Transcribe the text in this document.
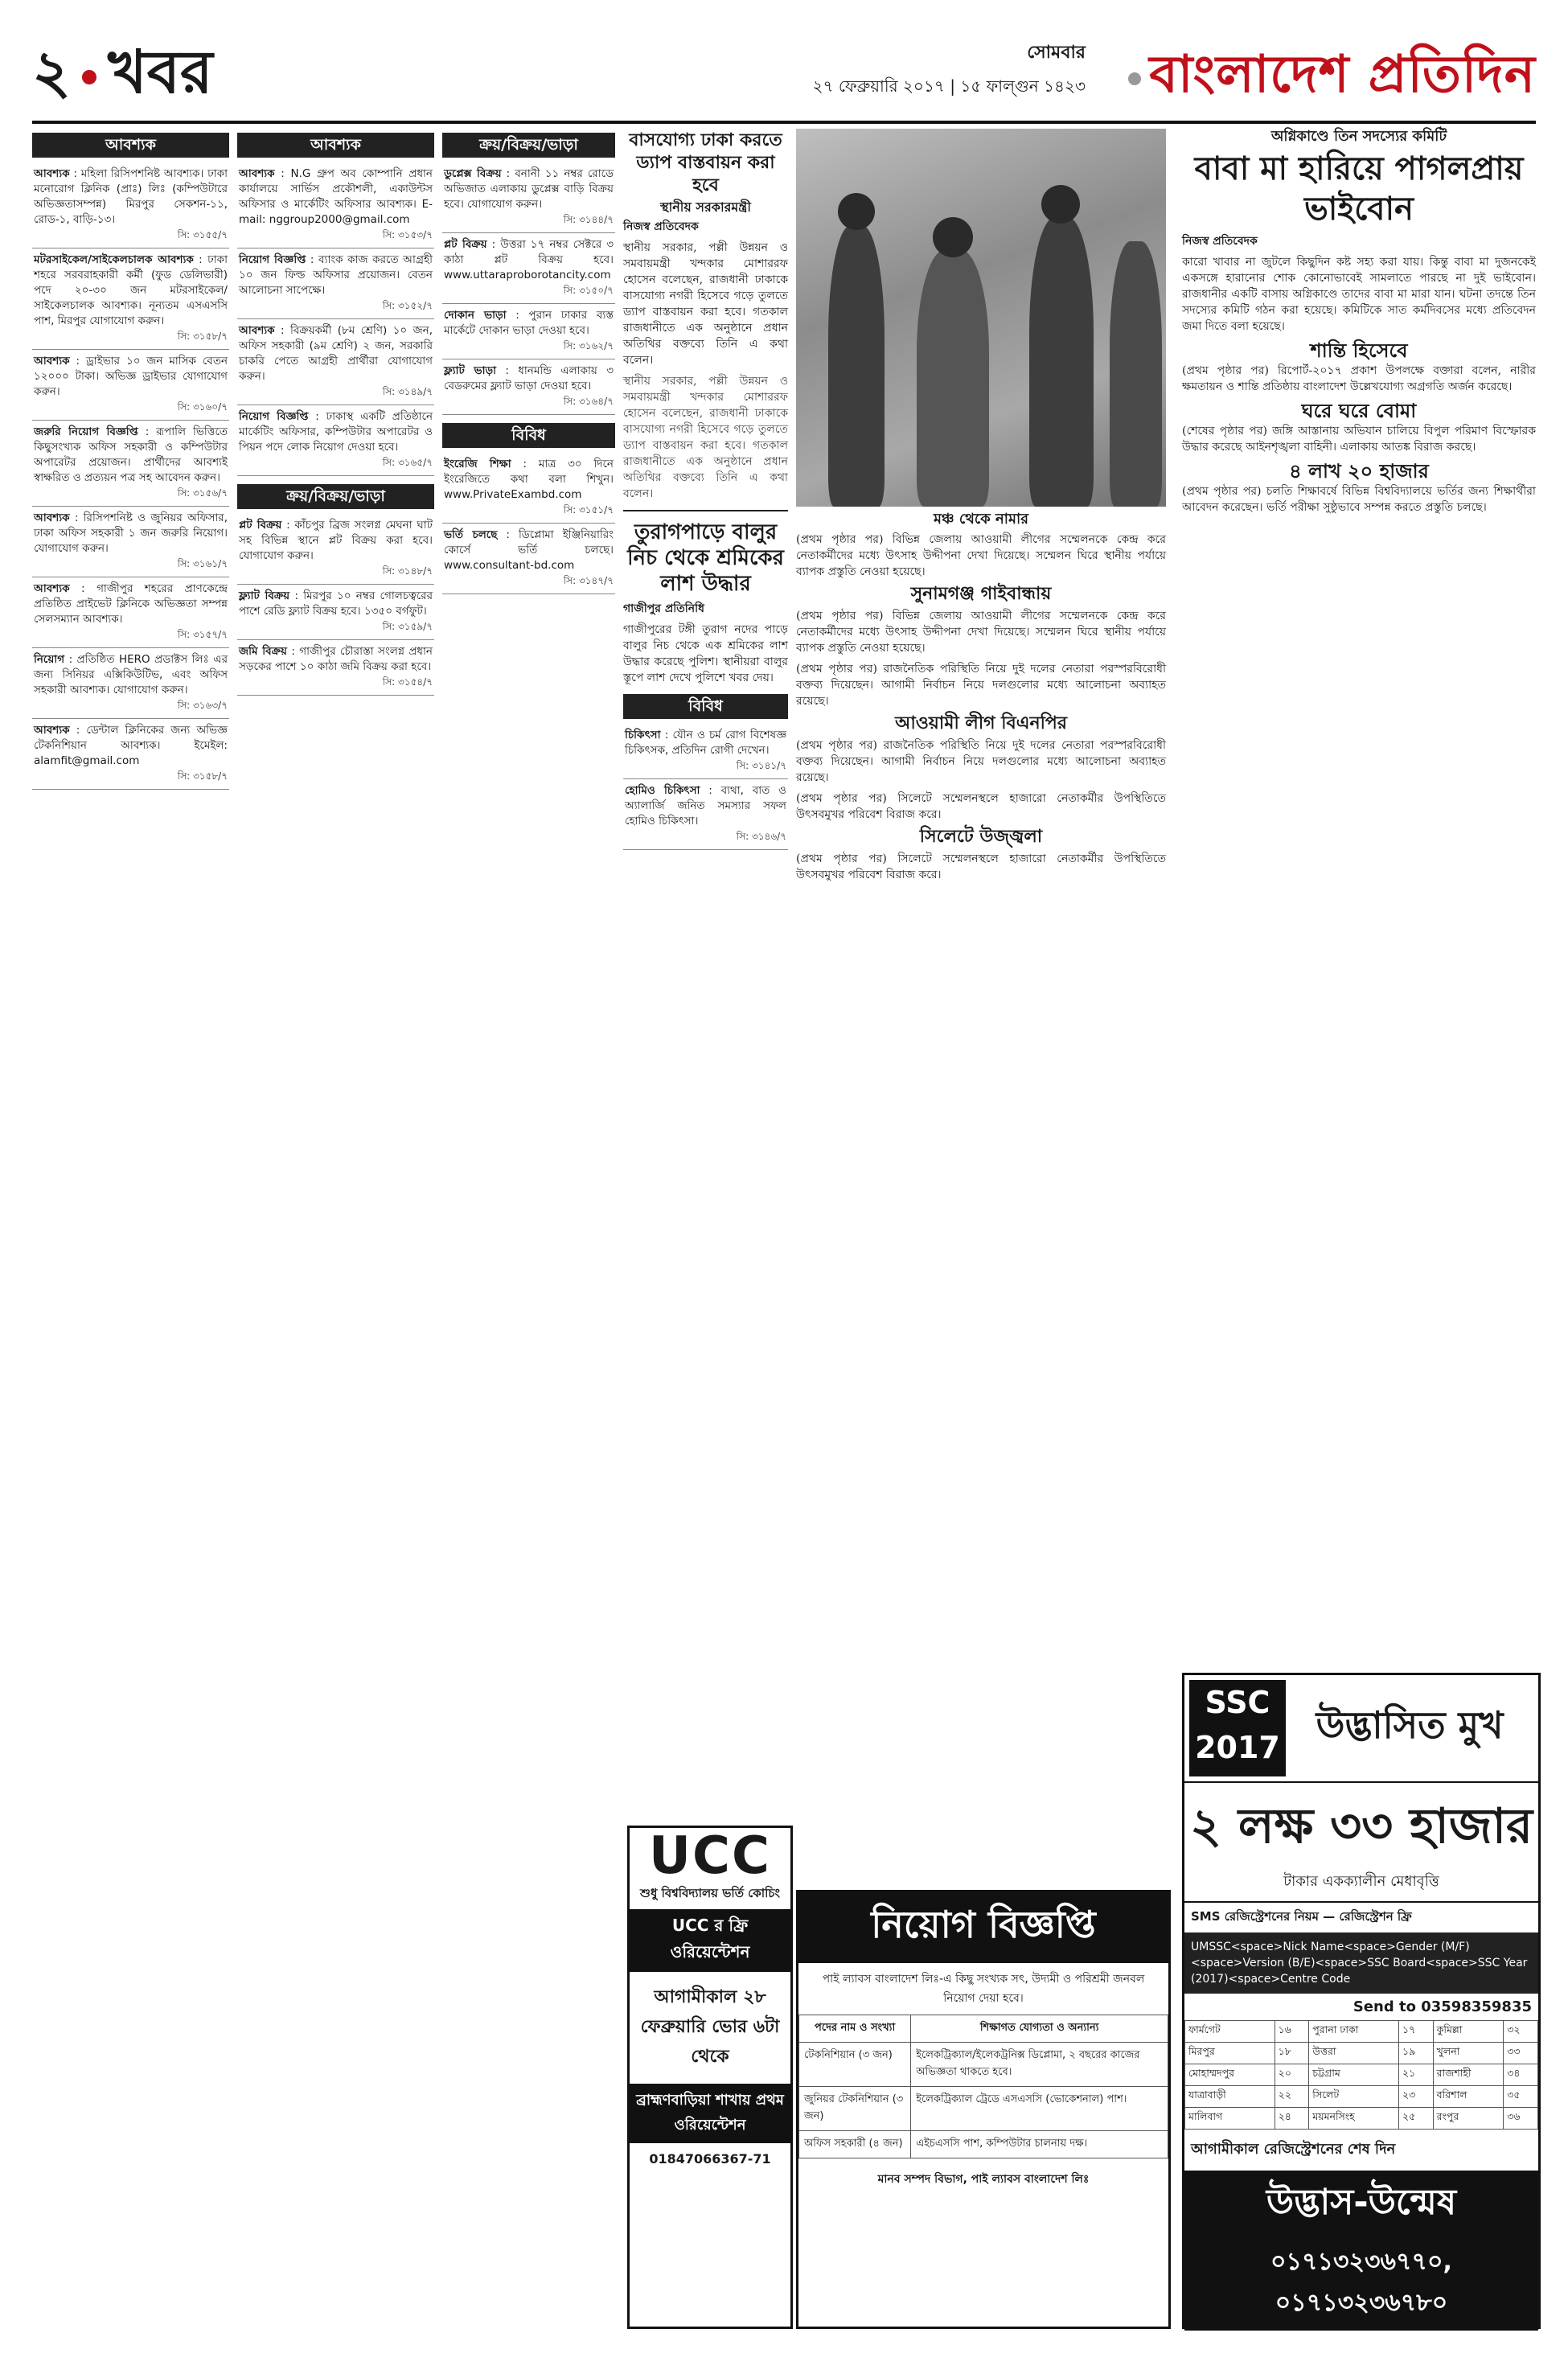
২ খবর	সোমবার
২৭ ফেব্রুয়ারি ২০১৭ | ১৫ ফাল্গুন ১৪২৩	বাংলাদেশ প্রতিদিন
আবশ্যক
আবশ্যক : মহিলা রিসিপশনিষ্ট আবশ্যক। ঢাকা মনোরোগ ক্লিনিক (প্রাঃ) লিঃ (কম্পিউটারে অভিজ্ঞতাসম্পন্ন) মিরপুর সেকশন-১১, রোড-১, বাড়ি-১৩।
সি: ৩১৫৫/৭
মটরসাইকেল/সাইকেলচালক আবশ্যক : ঢাকা শহরে সরবরাহকারী কর্মী (ফুড ডেলিভারী) পদে ২০-৩০ জন মটরসাইকেল/সাইকেলচালক আবশ্যক। নূন্যতম এসএসসি পাশ, মিরপুর যোগাযোগ করুন।
সি: ৩১৫৮/৭
আবশ্যক : ড্রাইভার ১০ জন মাসিক বেতন ১২০০০ টাকা। অভিজ্ঞ ড্রাইভার যোগাযোগ করুন।
সি: ৩১৬০/৭
জরুরি নিয়োগ বিজ্ঞপ্তি : রূপালি ভিত্তিতে কিছুসংখ্যক অফিস সহকারী ও কম্পিউটার অপারেটর প্রয়োজন। প্রার্থীদের আবশ্যই স্বাক্ষরিত ও প্রত্যয়ন পত্র সহ আবেদন করুন।
সি: ৩১৫৬/৭
আবশ্যক : রিসিপশনিষ্ট ও জুনিয়র অফিসার, ঢাকা অফিস সহকারী ১ জন জরুরি নিয়োগ। যোগাযোগ করুন।
সি: ৩১৬১/৭
আবশ্যক : গাজীপুর শহরের প্রাণকেন্দ্রে প্রতিষ্ঠিত প্রাইভেট ক্লিনিকে অভিজ্ঞতা সম্পন্ন সেলসম্যান আবশ্যক।
সি: ৩১৫৭/৭
নিয়োগ : প্রতিষ্ঠিত HERO প্রডাক্টস লিঃ এর জন্য সিনিয়র এক্সিকিউটিভ, এবং অফিস সহকারী আবশ্যক। যোগাযোগ করুন।
সি: ৩১৬৩/৭
আবশ্যক : ডেন্টাল ক্লিনিকের জন্য অভিজ্ঞ টেকনিশিয়ান আবশ্যক। ইমেইল: alamfit@gmail.com
সি: ৩১৫৮/৭
আবশ্যক
আবশ্যক : N.G গ্রুপ অব কোম্পানি প্রধান কার্যালয়ে সার্ভিস প্রকৌশলী, একাউন্টস অফিসার ও মার্কেটিং অফিসার আবশ্যক। E-mail: nggroup2000@gmail.com
সি: ৩১৫৩/৭
নিয়োগ বিজ্ঞপ্তি : ব্যাংক কাজ করতে আগ্রহী ১০ জন ফিল্ড অফিসার প্রয়োজন। বেতন আলোচনা সাপেক্ষে।
সি: ৩১৫২/৭
আবশ্যক : বিক্রয়কর্মী (৮ম শ্রেণি) ১০ জন, অফিস সহকারী (৯ম শ্রেণি) ২ জন, সরকারি চাকরি পেতে আগ্রহী প্রার্থীরা যোগাযোগ করুন।
সি: ৩১৪৯/৭
নিয়োগ বিজ্ঞপ্তি : ঢাকাস্থ একটি প্রতিষ্ঠানে মার্কেটিং অফিসার, কম্পিউটার অপারেটর ও পিয়ন পদে লোক নিয়োগ দেওয়া হবে।
সি: ৩১৬৫/৭
ক্রয়/বিক্রয়/ভাড়া
প্লট বিক্রয় : কাঁচপুর ব্রিজ সংলগ্ন মেঘনা ঘাট সহ বিভিন্ন স্থানে প্লট বিক্রয় করা হবে। যোগাযোগ করুন।
সি: ৩১৪৮/৭
ফ্ল্যাট বিক্রয় : মিরপুর ১০ নম্বর গোলচত্বরের পাশে রেডি ফ্ল্যাট বিক্রয় হবে। ১৩৫০ বর্গফুট।
সি: ৩১৫৯/৭
জমি বিক্রয় : গাজীপুর চৌরাস্তা সংলগ্ন প্রধান সড়কের পাশে ১০ কাঠা জমি বিক্রয় করা হবে।
সি: ৩১৫৪/৭
ক্রয়/বিক্রয়/ভাড়া
ডুপ্লেক্স বিক্রয় : বনানী ১১ নম্বর রোডে অভিজাত এলাকায় ডুপ্লেক্স বাড়ি বিক্রয় হবে। যোগাযোগ করুন।
সি: ৩১৪৪/৭
প্লট বিক্রয় : উত্তরা ১৭ নম্বর সেক্টরে ৩ কাঠা প্লট বিক্রয় হবে। www.uttaraproborotancity.com
সি: ৩১৫০/৭
দোকান ভাড়া : পুরান ঢাকার ব্যস্ত মার্কেটে দোকান ভাড়া দেওয়া হবে।
সি: ৩১৬২/৭
ফ্ল্যাট ভাড়া : ধানমন্ডি এলাকায় ৩ বেডরুমের ফ্ল্যাট ভাড়া দেওয়া হবে।
সি: ৩১৬৪/৭
বিবিধ
ইংরেজি শিক্ষা : মাত্র ৩০ দিনে ইংরেজিতে কথা বলা শিখুন। www.PrivateExambd.com
সি: ৩১৫১/৭
ভর্তি চলছে : ডিপ্লোমা ইঞ্জিনিয়ারিং কোর্সে ভর্তি চলছে। www.consultant-bd.com
সি: ৩১৪৭/৭
বাসযোগ্য ঢাকা করতে ড্যাপ বাস্তবায়ন করা হবে
স্থানীয় সরকারমন্ত্রী
নিজস্ব প্রতিবেদক

স্থানীয় সরকার, পল্লী উন্নয়ন ও সমবায়মন্ত্রী খন্দকার মোশাররফ হোসেন বলেছেন, রাজধানী ঢাকাকে বাসযোগ্য নগরী হিসেবে গড়ে তুলতে ড্যাপ বাস্তবায়ন করা হবে। গতকাল রাজধানীতে এক অনুষ্ঠানে প্রধান অতিথির বক্তব্যে তিনি এ কথা বলেন।

স্থানীয় সরকার, পল্লী উন্নয়ন ও সমবায়মন্ত্রী খন্দকার মোশাররফ হোসেন বলেছেন, রাজধানী ঢাকাকে বাসযোগ্য নগরী হিসেবে গড়ে তুলতে ড্যাপ বাস্তবায়ন করা হবে। গতকাল রাজধানীতে এক অনুষ্ঠানে প্রধান অতিথির বক্তব্যে তিনি এ কথা বলেন।

তুরাগপাড়ে বালুর নিচ থেকে শ্রমিকের লাশ উদ্ধার
গাজীপুর প্রতিনিধি

গাজীপুরের টঙ্গী তুরাগ নদের পাড়ে বালুর নিচ থেকে এক শ্রমিকের লাশ উদ্ধার করেছে পুলিশ। স্থানীয়রা বালুর স্তূপে লাশ দেখে পুলিশে খবর দেয়।

বিবিধ
চিকিৎসা : যৌন ও চর্ম রোগ বিশেষজ্ঞ চিকিৎসক, প্রতিদিন রোগী দেখেন।
সি: ৩১৪১/৭
হোমিও চিকিৎসা : ব্যথা, বাত ও অ্যালার্জি জনিত সমস্যার সফল হোমিও চিকিৎসা।
সি: ৩১৪৬/৭
মঞ্চ থেকে নামার

(প্রথম পৃষ্ঠার পর) বিভিন্ন জেলায় আওয়ামী লীগের সম্মেলনকে কেন্দ্র করে নেতাকর্মীদের মধ্যে উৎসাহ উদ্দীপনা দেখা দিয়েছে। সম্মেলন ঘিরে স্থানীয় পর্যায়ে ব্যাপক প্রস্তুতি নেওয়া হয়েছে।

সুনামগঞ্জ গাইবান্ধায়

(প্রথম পৃষ্ঠার পর) বিভিন্ন জেলায় আওয়ামী লীগের সম্মেলনকে কেন্দ্র করে নেতাকর্মীদের মধ্যে উৎসাহ উদ্দীপনা দেখা দিয়েছে। সম্মেলন ঘিরে স্থানীয় পর্যায়ে ব্যাপক প্রস্তুতি নেওয়া হয়েছে।

(প্রথম পৃষ্ঠার পর) রাজনৈতিক পরিস্থিতি নিয়ে দুই দলের নেতারা পরস্পরবিরোধী বক্তব্য দিয়েছেন। আগামী নির্বাচন নিয়ে দলগুলোর মধ্যে আলোচনা অব্যাহত রয়েছে।

আওয়ামী লীগ বিএনপির

(প্রথম পৃষ্ঠার পর) রাজনৈতিক পরিস্থিতি নিয়ে দুই দলের নেতারা পরস্পরবিরোধী বক্তব্য দিয়েছেন। আগামী নির্বাচন নিয়ে দলগুলোর মধ্যে আলোচনা অব্যাহত রয়েছে।

(প্রথম পৃষ্ঠার পর) সিলেটে সম্মেলনস্থলে হাজারো নেতাকর্মীর উপস্থিতিতে উৎসবমুখর পরিবেশ বিরাজ করে।

সিলেটে উজ্জ্বলা

(প্রথম পৃষ্ঠার পর) সিলেটে সম্মেলনস্থলে হাজারো নেতাকর্মীর উপস্থিতিতে উৎসবমুখর পরিবেশ বিরাজ করে।

অগ্নিকাণ্ডে তিন সদস্যের কমিটি
বাবা মা হারিয়ে পাগলপ্রায় ভাইবোন
নিজস্ব প্রতিবেদক

কারো খাবার না জুটলে কিছুদিন কষ্ট সহ্য করা যায়। কিন্তু বাবা মা দুজনকেই একসঙ্গে হারানোর শোক কোনোভাবেই সামলাতে পারছে না দুই ভাইবোন। রাজধানীর একটি বাসায় অগ্নিকাণ্ডে তাদের বাবা মা মারা যান। ঘটনা তদন্তে তিন সদস্যের কমিটি গঠন করা হয়েছে। কমিটিকে সাত কর্মদিবসের মধ্যে প্রতিবেদন জমা দিতে বলা হয়েছে।

শান্তি হিসেবে

(প্রথম পৃষ্ঠার পর) রিপোর্ট-২০১৭ প্রকাশ উপলক্ষে বক্তারা বলেন, নারীর ক্ষমতায়ন ও শান্তি প্রতিষ্ঠায় বাংলাদেশ উল্লেখযোগ্য অগ্রগতি অর্জন করেছে।

ঘরে ঘরে বোমা

(শেষের পৃষ্ঠার পর) জঙ্গি আস্তানায় অভিযান চালিয়ে বিপুল পরিমাণ বিস্ফোরক উদ্ধার করেছে আইনশৃঙ্খলা বাহিনী। এলাকায় আতঙ্ক বিরাজ করছে।

৪ লাখ ২০ হাজার

(প্রথম পৃষ্ঠার পর) চলতি শিক্ষাবর্ষে বিভিন্ন বিশ্ববিদ্যালয়ে ভর্তির জন্য শিক্ষার্থীরা আবেদন করেছেন। ভর্তি পরীক্ষা সুষ্ঠুভাবে সম্পন্ন করতে প্রস্তুতি চলছে।

UCC
শুধু বিশ্ববিদ্যালয় ভর্তি কোচিং
UCC র ফ্রি ওরিয়েন্টেশন
আগামীকাল ২৮ ফেব্রুয়ারি ভোর ৬টা থেকে
ব্রাহ্মণবাড়িয়া শাখায় প্রথম ওরিয়েন্টেশন
01847066367-71
নিয়োগ বিজ্ঞপ্তি
পাই ল্যাবস বাংলাদেশ লিঃ-এ কিছু সংখ্যক সৎ, উদ্যমী ও পরিশ্রমী জনবল নিয়োগ দেয়া হবে।
পদের নাম ও সংখ্যা	শিক্ষাগত যোগ্যতা ও অন্যান্য
টেকনিশিয়ান (৩ জন)	ইলেকট্রিক্যাল/ইলেকট্রনিক্স ডিপ্লোমা, ২ বছরের কাজের অভিজ্ঞতা থাকতে হবে।
জুনিয়র টেকনিশিয়ান (৩ জন)	ইলেকট্রিক্যাল ট্রেডে এসএসসি (ভোকেশনাল) পাশ।
অফিস সহকারী (৪ জন)	এইচএসসি পাশ, কম্পিউটার চালনায় দক্ষ।
মানব সম্পদ বিভাগ, পাই ল্যাবস বাংলাদেশ লিঃ
SSC 2017
উদ্ভাসিত মুখ
২ লক্ষ ৩৩ হাজার
টাকার একক্যালীন মেধাবৃত্তি
SMS রেজিস্ট্রেশনের নিয়ম — রেজিস্ট্রেশন ফ্রি
UMSSC<space>Nick Name<space>Gender (M/F)<space>Version (B/E)<space>SSC Board<space>SSC Year (2017)<space>Centre Code
Send to 03598359835
ফার্মগেট	১৬	পুরানা ঢাকা	১৭	কুমিল্লা	৩২
মিরপুর	১৮	উত্তরা	১৯	খুলনা	৩৩
মোহাম্মদপুর	২০	চট্টগ্রাম	২১	রাজশাহী	৩৪
যাত্রাবাড়ী	২২	সিলেট	২৩	বরিশাল	৩৫
মালিবাগ	২৪	ময়মনসিংহ	২৫	রংপুর	৩৬
আগামীকাল রেজিস্ট্রেশনের শেষ দিন
উদ্ভাস-উন্মেষ
০১৭১৩২৩৬৭৭০, ০১৭১৩২৩৬৭৮০
